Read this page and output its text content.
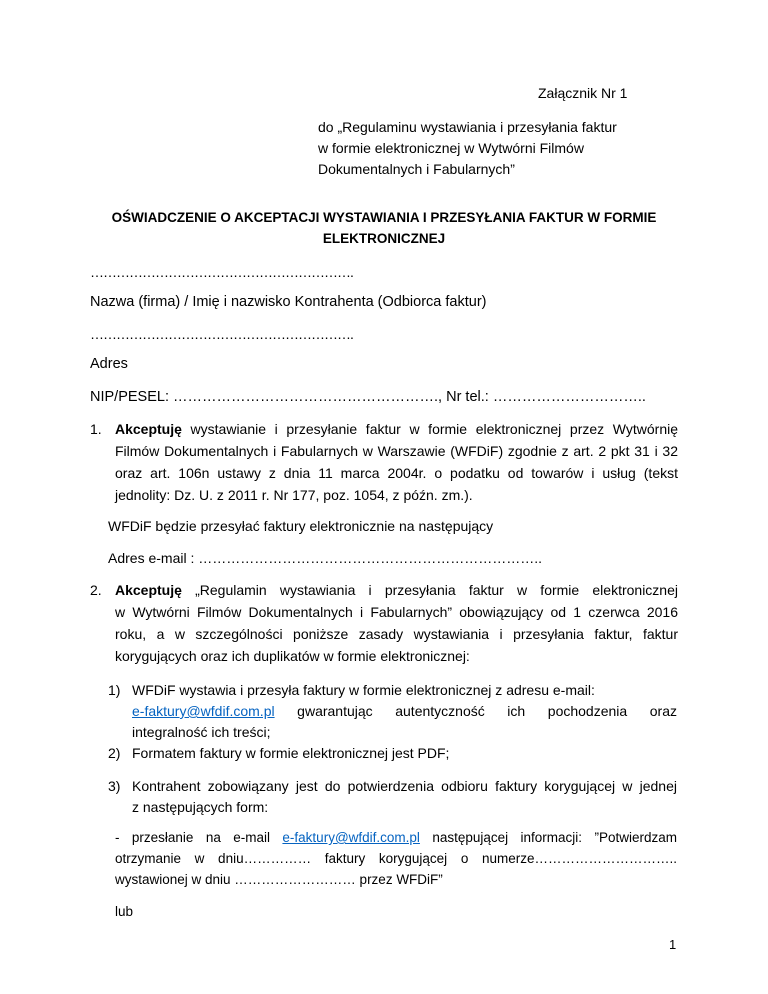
Załącznik Nr 1
do „Regulaminu wystawiania i przesyłania faktur
w formie elektronicznej w Wytwórni Filmów
Dokumentalnych i Fabularnych”
OŚWIADCZENIE O AKCEPTACJI WYSTAWIANIA I PRZESYŁANIA FAKTUR W FORMIE
ELEKTRONICZNEJ
…………………………………………………….
Nazwa (firma) / Imię i nazwisko Kontrahenta (Odbiorca faktur)
…………………………………………………….
Adres
NIP/PESEL: ………………………………………………., Nr tel.: …………………………..
1. Akceptuję wystawianie i przesyłanie faktur w formie elektronicznej przez Wytwórnię
Filmów Dokumentalnych i Fabularnych w Warszawie (WFDiF) zgodnie z art. 2 pkt 31 i 32
oraz art. 106n ustawy z dnia 11 marca 2004r. o podatku od towarów i usług (tekst
jednolity: Dz. U. z 2011 r. Nr 177, poz. 1054, z późn. zm.).
WFDiF będzie przesyłać faktury elektronicznie na następujący
Adres e-mail : ………………………………………………………………..
2. Akceptuję „Regulamin wystawiania i przesyłania faktur w formie elektronicznej
w Wytwórni Filmów Dokumentalnych i Fabularnych” obowiązujący od 1 czerwca 2016
roku, a w szczególności poniższe zasady wystawiania i przesyłania faktur, faktur
korygujących oraz ich duplikatów w formie elektronicznej:
1) WFDiF wystawia i przesyła faktury w formie elektronicznej z adresu e-mail:
e-faktury@wfdif.com.pl gwarantując autentyczność ich pochodzenia oraz
integralność ich treści;
2) Formatem faktury w formie elektronicznej jest PDF;
3) Kontrahent zobowiązany jest do potwierdzenia odbioru faktury korygującej w jednej
z następujących form:
- przesłanie na e-mail e-faktury@wfdif.com.pl następującej informacji: ”Potwierdzam
otrzymanie w dniu…………… faktury korygującej o numerze…………………………..
wystawionej w dniu ……………………… przez WFDiF”
lub
1
